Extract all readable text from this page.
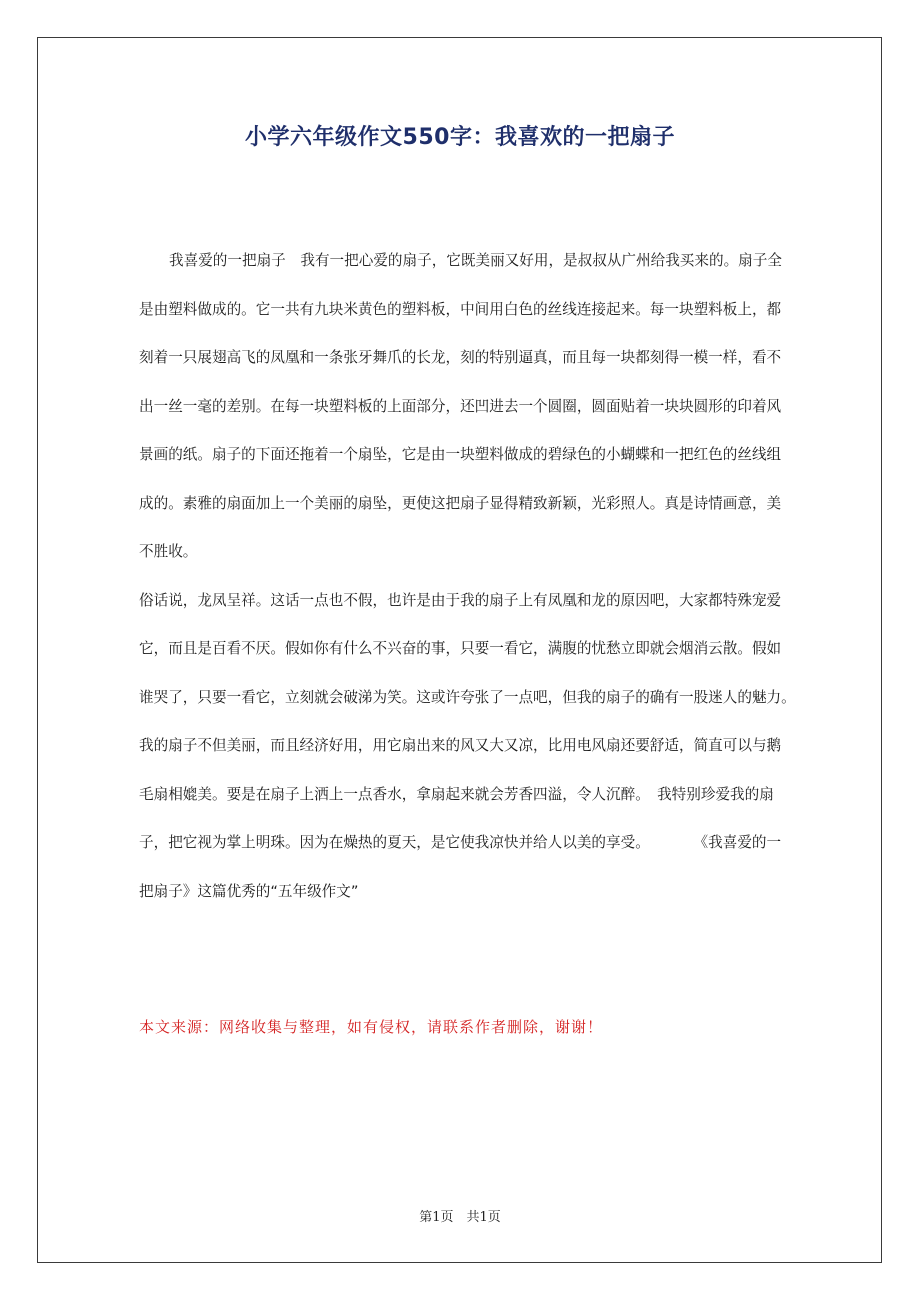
小学六年级作文550字：我喜欢的一把扇子

我喜爱的一把扇子　我有一把心爱的扇子，它既美丽又好用，是叔叔从广州给我买来的。扇子全是由塑料做成的。它一共有九块米黄色的塑料板，中间用白色的丝线连接起来。每一块塑料板上，都刻着一只展翅高飞的凤凰和一条张牙舞爪的长龙，刻的特别逼真，而且每一块都刻得一模一样，看不出一丝一毫的差别。在每一块塑料板的上面部分，还凹进去一个圆圈，圆面贴着一块块圆形的印着风景画的纸。扇子的下面还拖着一个扇坠，它是由一块塑料做成的碧绿色的小蝴蝶和一把红色的丝线组成的。素雅的扇面加上一个美丽的扇坠，更使这把扇子显得精致新颖，光彩照人。真是诗情画意，美不胜收。

俗话说，龙凤呈祥。这话一点也不假，也许是由于我的扇子上有凤凰和龙的原因吧，大家都特殊宠爱它，而且是百看不厌。假如你有什么不兴奋的事，只要一看它，满腹的忧愁立即就会烟消云散。假如谁哭了，只要一看它，立刻就会破涕为笑。这或许夸张了一点吧，但我的扇子的确有一股迷人的魅力。　我的扇子不但美丽，而且经济好用，用它扇出来的风又大又凉，比用电风扇还要舒适，简直可以与鹅毛扇相媲美。要是在扇子上洒上一点香水，拿扇起来就会芳香四溢，令人沉醉。　我特别珍爱我的扇子，把它视为掌上明珠。因为在燥热的夏天，是它使我凉快并给人以美的享受。　　　　《我喜爱的一把扇子》这篇优秀的“五年级作文”

本文来源：网络收集与整理，如有侵权，请联系作者删除，谢谢！
第1页　共1页
